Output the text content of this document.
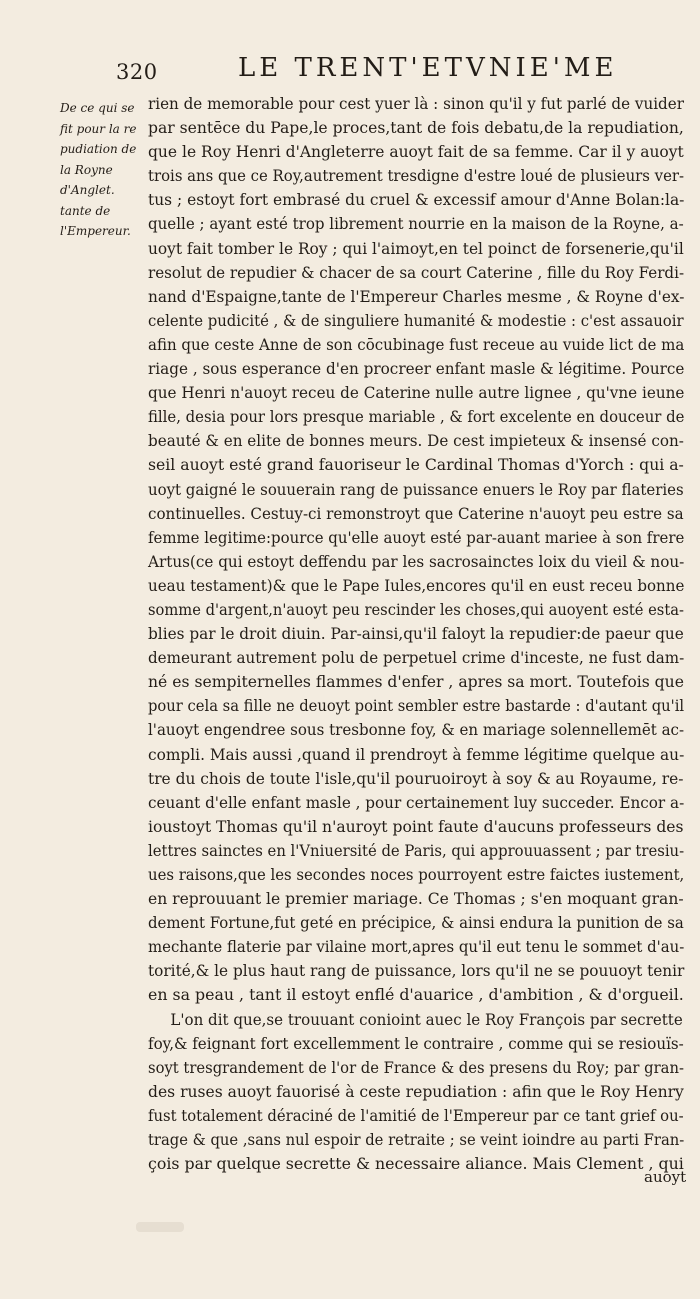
320	LE TRENT'ETVNIE'ME
De ce qui se
fit pour la re
pudiation de
la Royne
d'Anglet.
tante de
l'Empereur.
rien de memorable pour cest yuer là : sinon qu'il y fut parlé de vuider
par sentēce du Pape,le proces,tant de fois debatu,de la repudiation,
que le Roy Henri d'Angleterre auoyt fait de sa femme. Car il y auoyt
trois ans que ce Roy,autrement tresdigne d'estre loué de plusieurs ver-
tus ; estoyt fort embrasé du cruel & excessif amour d'Anne Bolan:la-
quelle ; ayant esté trop librement nourrie en la maison de la Royne, a-
uoyt fait tomber le Roy ; qui l'aimoyt,en tel poinct de forsenerie,qu'il
resolut de repudier & chacer de sa court Caterine , fille du Roy Ferdi-
nand d'Espaigne,tante de l'Empereur Charles mesme , & Royne d'ex-
celente pudicité , & de singuliere humanité & modestie : c'est assauoir
afin que ceste Anne de son cōcubinage fust receue au vuide lict de ma
riage , sous esperance d'en procreer enfant masle & légitime. Pource
que Henri n'auoyt receu de Caterine nulle autre lignee , qu'vne ieune
fille, desia pour lors presque mariable , & fort excelente en douceur de
beauté & en elite de bonnes meurs. De cest impieteux & insensé con-
seil auoyt esté grand fauoriseur le Cardinal Thomas d'Yorch : qui a-
uoyt gaigné le souuerain rang de puissance enuers le Roy par flateries
continuelles. Cestuy-ci remonstroyt que Caterine n'auoyt peu estre sa
femme legitime:pource qu'elle auoyt esté par-auant mariee à son frere
Artus(ce qui estoyt deffendu par les sacrosainctes loix du vieil & nou-
ueau testament)& que le Pape Iules,encores qu'il en eust receu bonne
somme d'argent,n'auoyt peu rescinder les choses,qui auoyent esté esta-
blies par le droit diuin. Par-ainsi,qu'il faloyt la repudier:de paeur que
demeurant autrement polu de perpetuel crime d'inceste, ne fust dam-
né es sempiternelles flammes d'enfer , apres sa mort. Toutefois que
pour cela sa fille ne deuoyt point sembler estre bastarde : d'autant qu'il
l'auoyt engendree sous tresbonne foy, & en mariage solennellemēt ac-
compli. Mais aussi ,quand il prendroyt à femme légitime quelque au-
tre du chois de toute l'isle,qu'il pouruoiroyt à soy & au Royaume, re-
ceuant d'elle enfant masle , pour certainement luy succeder. Encor a-
ioustoyt Thomas qu'il n'auroyt point faute d'aucuns professeurs des
lettres sainctes en l'Vniuersité de Paris, qui approuuassent ; par tresiu-
ues raisons,que les secondes noces pourroyent estre faictes iustement,
en reprouuant le premier mariage. Ce Thomas ; s'en moquant gran-
dement Fortune,fut geté en précipice, & ainsi endura la punition de sa
mechante flaterie par vilaine mort,apres qu'il eut tenu le sommet d'au-
torité,& le plus haut rang de puissance, lors qu'il ne se pouuoyt tenir
en sa peau , tant il estoyt enflé d'auarice , d'ambition , & d'orgueil.
L'on dit que,se trouuant conioint auec le Roy François par secrette
foy,& feignant fort excellemment le contraire , comme qui se resiouïs-
soyt tresgrandement de l'or de France & des presens du Roy; par gran-
des ruses auoyt fauorisé à ceste repudiation : afin que le Roy Henry
fust totalement déraciné de l'amitié de l'Empereur par ce tant grief ou-
trage & que ,sans nul espoir de retraite ; se veint ioindre au parti Fran-
çois par quelque secrette & necessaire aliance. Mais Clement , qui
auoyt
